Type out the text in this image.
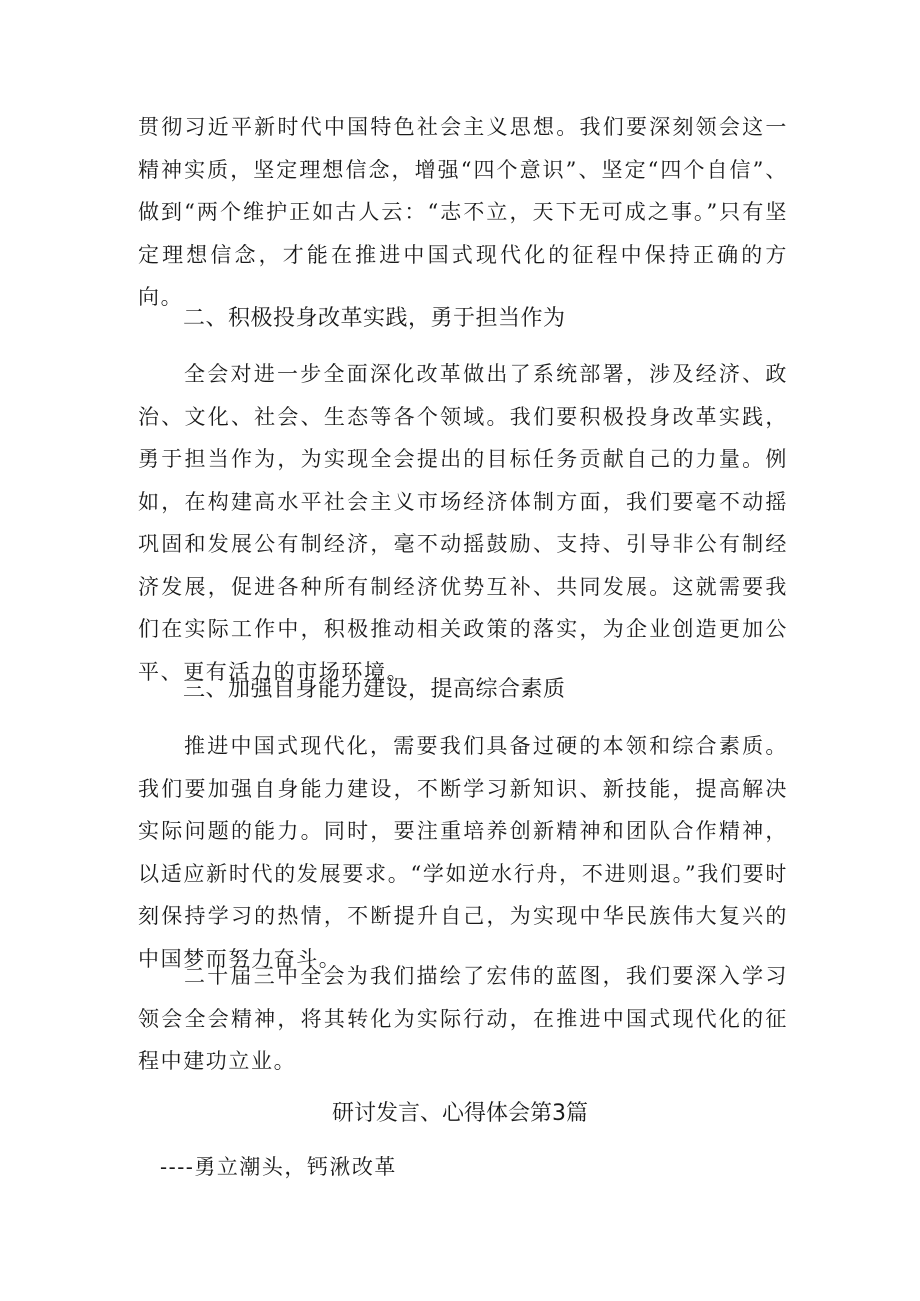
贯彻习近平新时代中国特色社会主义思想。我们要深刻领会这一精神实质，坚定理想信念，增强“四个意识”、坚定“四个自信”、做到“两个维护正如古人云：“志不立，天下无可成之事。”只有坚定理想信念，才能在推进中国式现代化的征程中保持正确的方向。

二、积极投身改革实践，勇于担当作为

全会对进一步全面深化改革做出了系统部署，涉及经济、政治、文化、社会、生态等各个领域。我们要积极投身改革实践，勇于担当作为，为实现全会提出的目标任务贡献自己的力量。例如，在构建高水平社会主义市场经济体制方面，我们要毫不动摇巩固和发展公有制经济，毫不动摇鼓励、支持、引导非公有制经济发展，促进各种所有制经济优势互补、共同发展。这就需要我们在实际工作中，积极推动相关政策的落实，为企业创造更加公平、更有活力的市场环境。

三、加强自身能力建设，提高综合素质

推进中国式现代化，需要我们具备过硬的本领和综合素质。我们要加强自身能力建设，不断学习新知识、新技能，提高解决实际问题的能力。同时，要注重培养创新精神和团队合作精神，以适应新时代的发展要求。“学如逆水行舟，不进则退。”我们要时刻保持学习的热情，不断提升自己，为实现中华民族伟大复兴的中国梦而努力奋斗。

二十届三中全会为我们描绘了宏伟的蓝图，我们要深入学习领会全会精神，将其转化为实际行动，在推进中国式现代化的征程中建功立业。

研讨发言、心得体会第3篇

----勇立潮头，钙湫改革
